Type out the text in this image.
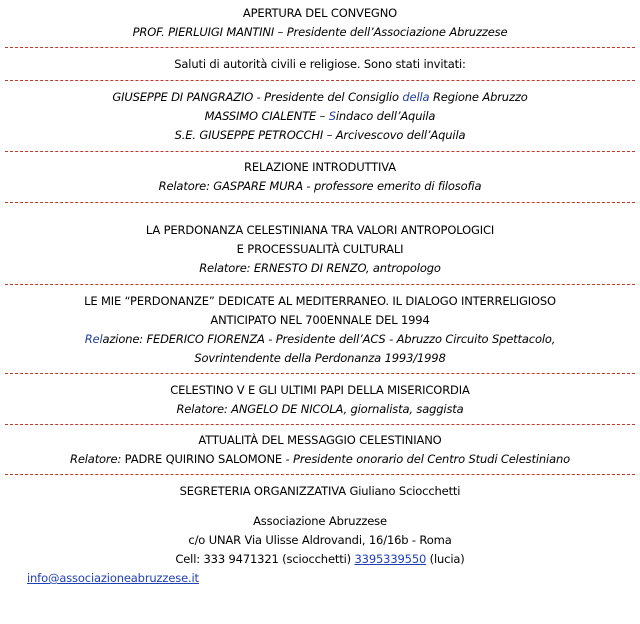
APERTURA DEL CONVEGNO
PROF. PIERLUIGI MANTINI – Presidente dell’Associazione Abruzzese
Saluti di autorità civili e religiose. Sono stati invitati:
GIUSEPPE DI PANGRAZIO - Presidente del Consiglio della Regione Abruzzo
MASSIMO CIALENTE – Sindaco dell’Aquila
S.E. GIUSEPPE PETROCCHI – Arcivescovo dell’Aquila
RELAZIONE INTRODUTTIVA
Relatore: GASPARE MURA - professore emerito di filosofia
LA PERDONANZA CELESTINIANA TRA VALORI ANTROPOLOGICI
E PROCESSUALITÀ CULTURALI
Relatore: ERNESTO DI RENZO, antropologo
LE MIE “PERDONANZE” DEDICATE AL MEDITERRANEO. IL DIALOGO INTERRELIGIOSO
ANTICIPATO NEL 700ENNALE DEL 1994
Relazione: FEDERICO FIORENZA - Presidente dell’ACS - Abruzzo Circuito Spettacolo,
Sovrintendente della Perdonanza 1993/1998
CELESTINO V E GLI ULTIMI PAPI DELLA MISERICORDIA
Relatore: ANGELO DE NICOLA, giornalista, saggista
ATTUALITÀ DEL MESSAGGIO CELESTINIANO
Relatore: PADRE QUIRINO SALOMONE - Presidente onorario del Centro Studi Celestiniano
SEGRETERIA ORGANIZZATIVA Giuliano Sciocchetti
Associazione Abruzzese
c/o UNAR Via Ulisse Aldrovandi, 16/16b - Roma
Cell: 333 9471321 (sciocchetti) 3395339550 (lucia)
info@associazioneabruzzese.it
